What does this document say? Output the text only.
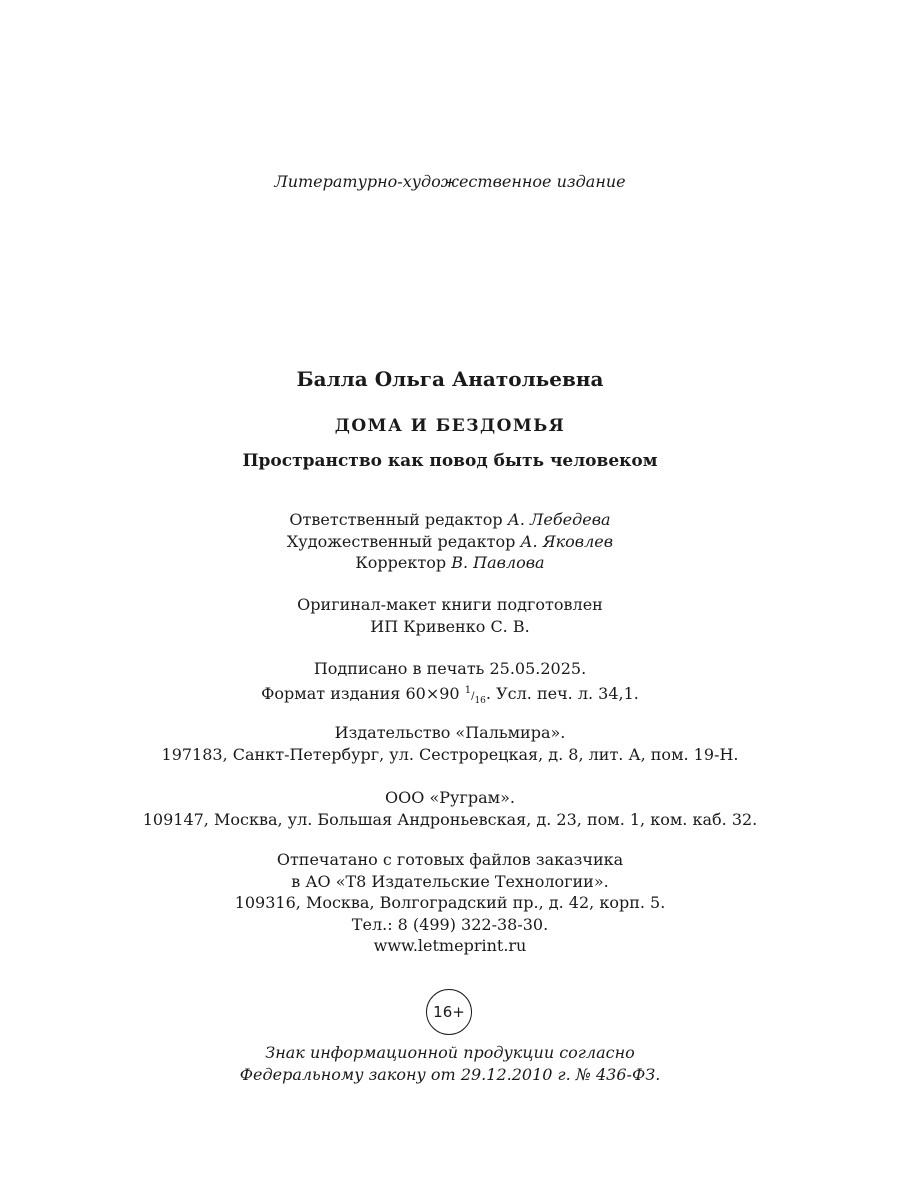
Литературно-художественное издание
Балла Ольга Анатольевна
ДОМА И БЕЗДОМЬЯ
Пространство как повод быть человеком
Ответственный редактор А. Лебедева
Художественный редактор А. Яковлев
Корректор В. Павлова
Оригинал-макет книги подготовлен
ИП Кривенко С. В.
Подписано в печать 25.05.2025.
Формат издания 60×90 $^1/_{16}$. Усл. печ. л. 34,1.
Издательство «Пальмира».
197183, Санкт-Петербург, ул. Сестрорецкая, д. 8, лит. А, пом. 19-Н.
ООО «Руграм».
109147, Москва, ул. Большая Андроньевская, д. 23, пом. 1, ком. каб. 32.
Отпечатано с готовых файлов заказчика
в АО «Т8 Издательские Технологии».
109316, Москва, Волгоградский пр., д. 42, корп. 5.
Тел.: 8 (499) 322-38-30.
www.letmeprint.ru
16+
Знак информационной продукции согласно
Федеральному закону от 29.12.2010 г. № 436-ФЗ.
